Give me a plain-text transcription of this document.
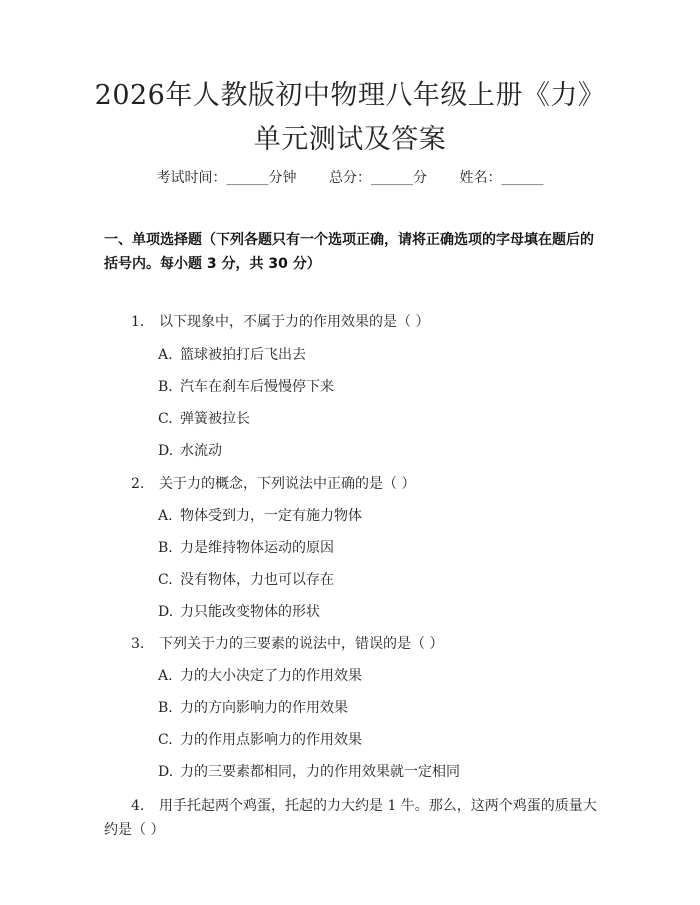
2026年人教版初中物理八年级上册《力》单元测试及答案
考试时间：______分钟 总分：______分 姓名：______
一、单项选择题（下列各题只有一个选项正确，请将正确选项的字母填在题后的括号内。每小题 3 分，共 30 分）
1. 以下现象中，不属于力的作用效果的是（ ）
A. 篮球被拍打后飞出去
B. 汽车在刹车后慢慢停下来
C. 弹簧被拉长
D. 水流动
2. 关于力的概念，下列说法中正确的是（ ）
A. 物体受到力，一定有施力物体
B. 力是维持物体运动的原因
C. 没有物体，力也可以存在
D. 力只能改变物体的形状
3. 下列关于力的三要素的说法中，错误的是（ ）
A. 力的大小决定了力的作用效果
B. 力的方向影响力的作用效果
C. 力的作用点影响力的作用效果
D. 力的三要素都相同，力的作用效果就一定相同
4. 用手托起两个鸡蛋，托起的力大约是 1 牛。那么，这两个鸡蛋的质量大约是（ ）
